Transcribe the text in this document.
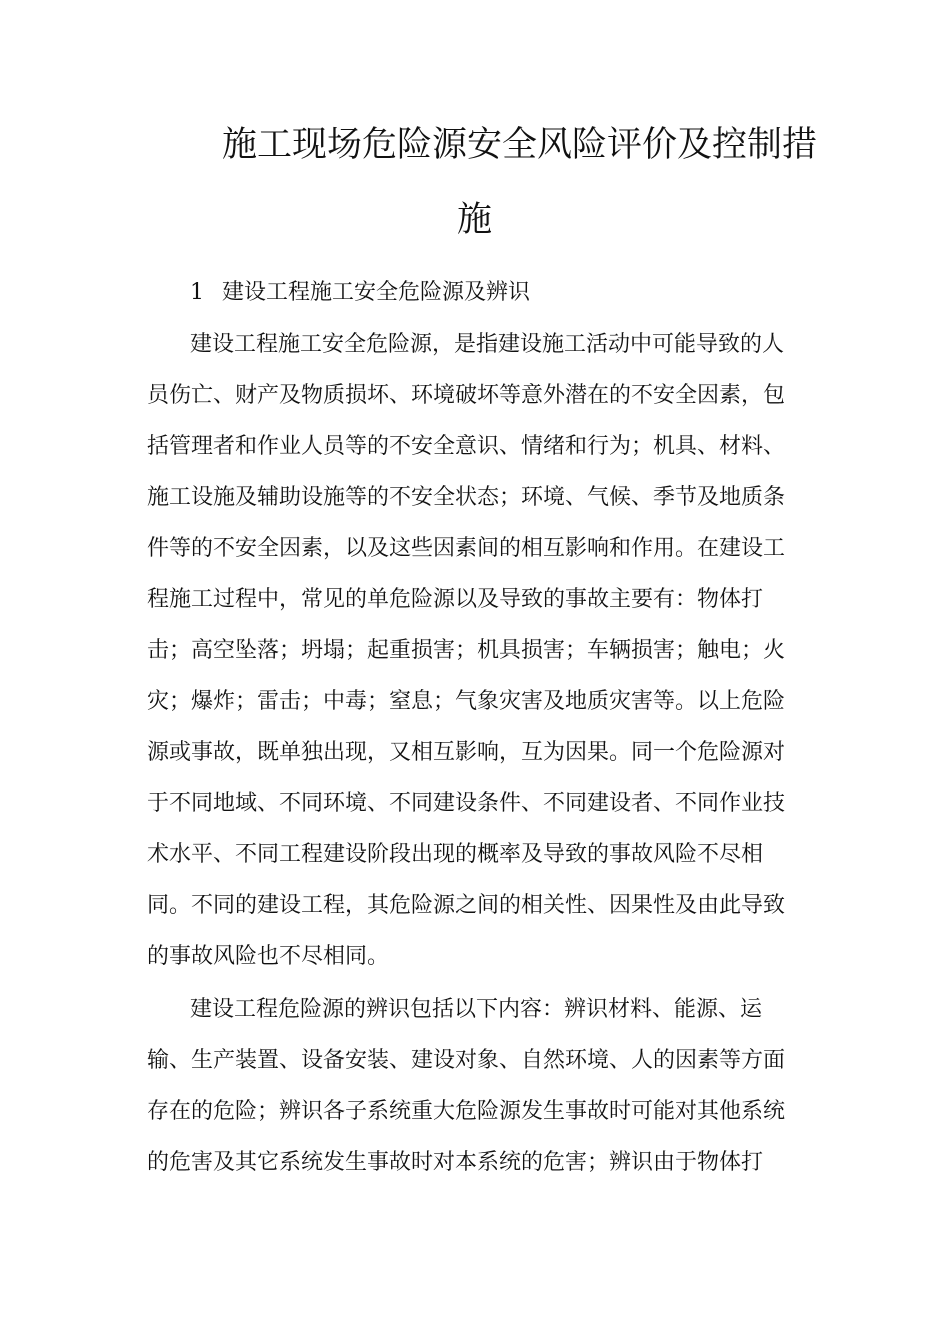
施工现场危险源安全风险评价及控制措
施
1 建设工程施工安全危险源及辨识
建设工程施工安全危险源，是指建设施工活动中可能导致的人
员伤亡、财产及物质损坏、环境破坏等意外潜在的不安全因素，包
括管理者和作业人员等的不安全意识、情绪和行为；机具、材料、
施工设施及辅助设施等的不安全状态；环境、气候、季节及地质条
件等的不安全因素，以及这些因素间的相互影响和作用。在建设工
程施工过程中，常见的单危险源以及导致的事故主要有：物体打
击；高空坠落；坍塌；起重损害；机具损害；车辆损害；触电；火
灾；爆炸；雷击；中毒；窒息；气象灾害及地质灾害等。以上危险
源或事故，既单独出现，又相互影响，互为因果。同一个危险源对
于不同地域、不同环境、不同建设条件、不同建设者、不同作业技
术水平、不同工程建设阶段出现的概率及导致的事故风险不尽相
同。不同的建设工程，其危险源之间的相关性、因果性及由此导致
的事故风险也不尽相同。
建设工程危险源的辨识包括以下内容：辨识材料、能源、运
输、生产装置、设备安装、建设对象、自然环境、人的因素等方面
存在的危险；辨识各子系统重大危险源发生事故时可能对其他系统
的危害及其它系统发生事故时对本系统的危害；辨识由于物体打
